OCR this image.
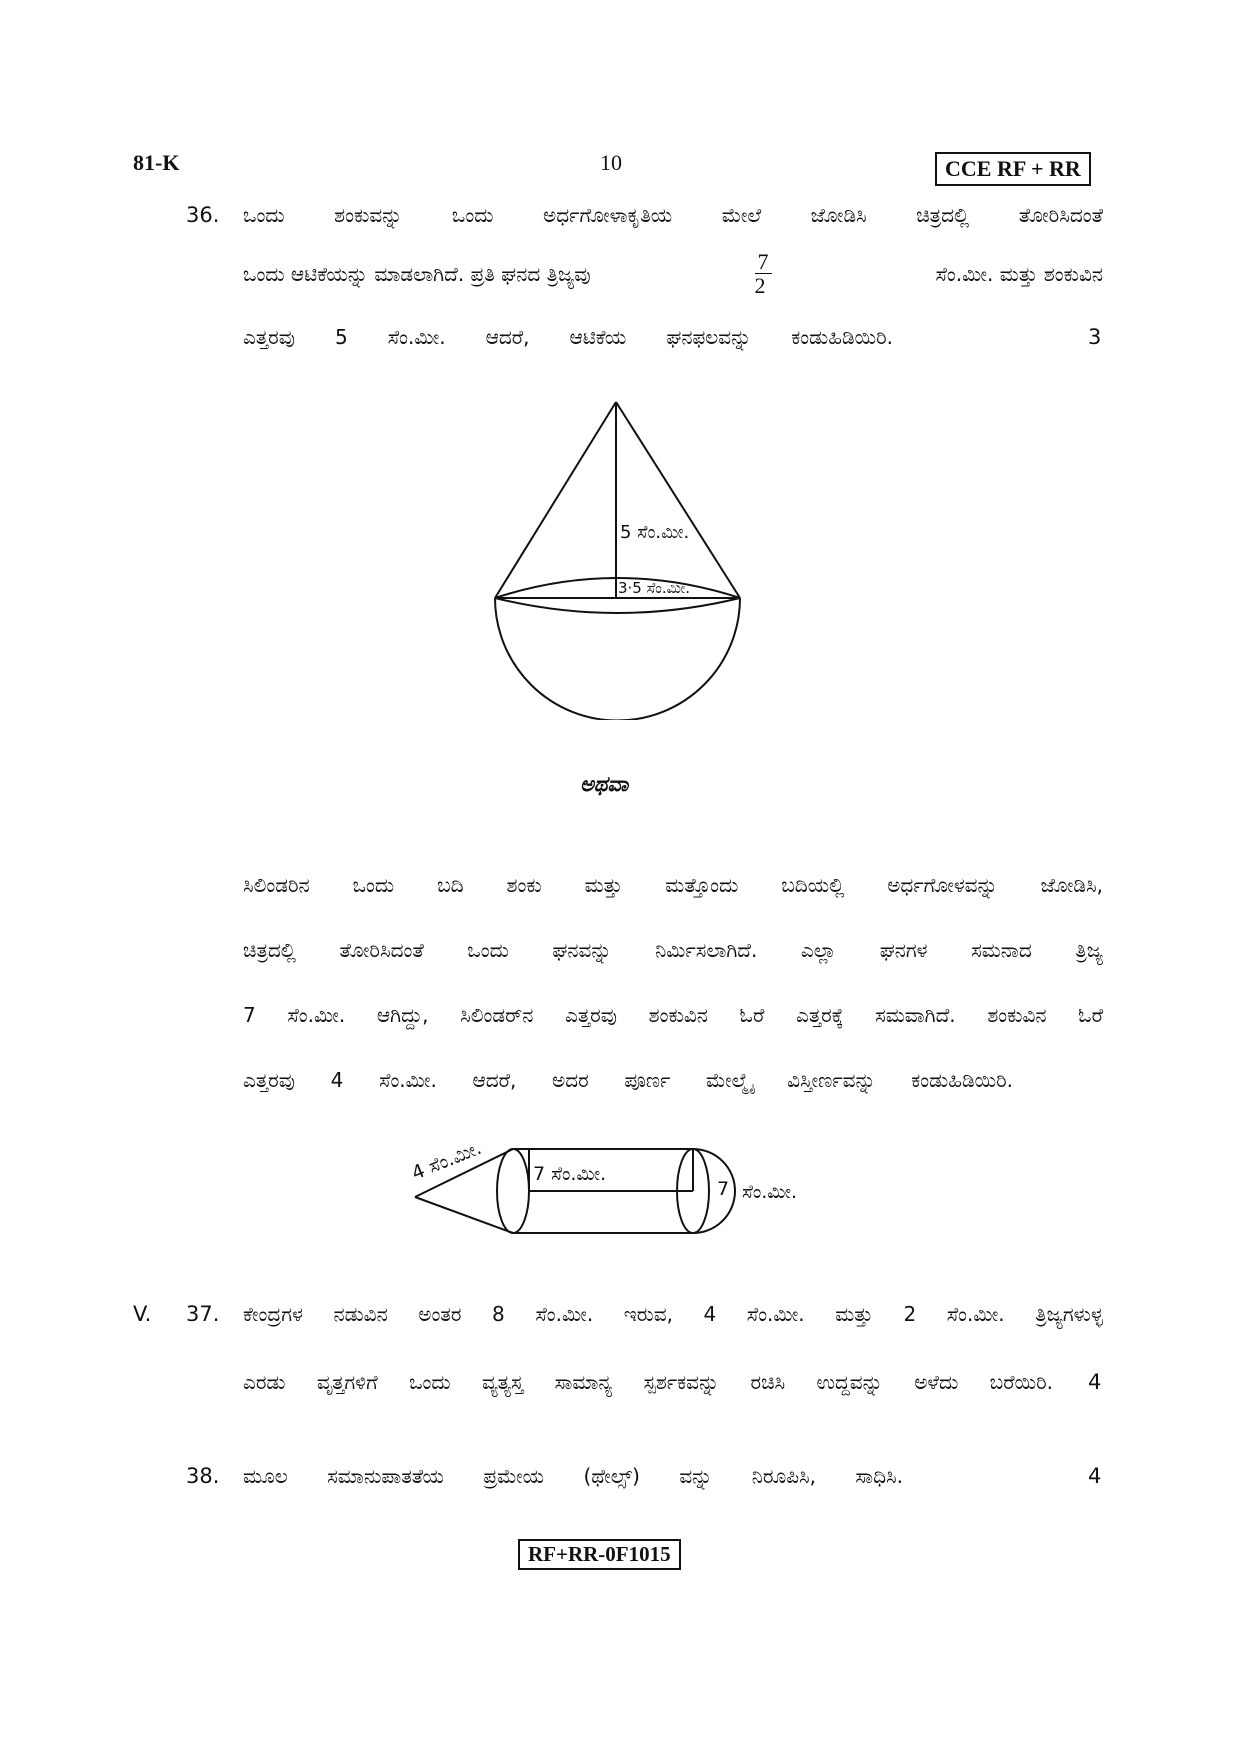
81-K	10	CCE RF + RR
36. ಒಂದು ಶಂಕುವನ್ನು ಒಂದು ಅರ್ಧಗೋಳಾಕೃತಿಯ ಮೇಲೆ ಜೋಡಿಸಿ ಚಿತ್ರದಲ್ಲಿ ತೋರಿಸಿದಂತೆ
ಒಂದು ಆಟಿಕೆಯನ್ನು ಮಾಡಲಾಗಿದೆ. ಪ್ರತಿ ಘನದ ತ್ರಿಜ್ಯವು	$\frac{7}{2}$	ಸೆಂ.ಮೀ. ಮತ್ತು ಶಂಕುವಿನ
ಎತ್ತರವು 5 ಸೆಂ.ಮೀ. ಆದರೆ, ಆಟಿಕೆಯ ಘನಫಲವನ್ನು ಕಂಡುಹಿಡಿಯಿರಿ.	3
5 ಸೆಂ.ಮೀ.
3·5 ಸೆಂ.ಮೀ.
ಅಥವಾ
ಸಿಲಿಂಡರಿನ ಒಂದು ಬದಿ ಶಂಕು ಮತ್ತು ಮತ್ತೊಂದು ಬದಿಯಲ್ಲಿ ಅರ್ಧಗೋಳವನ್ನು ಜೋಡಿಸಿ,
ಚಿತ್ರದಲ್ಲಿ ತೋರಿಸಿದಂತೆ ಒಂದು ಘನವನ್ನು ನಿರ್ಮಿಸಲಾಗಿದೆ. ಎಲ್ಲಾ ಘನಗಳ ಸಮನಾದ ತ್ರಿಜ್ಯ
7 ಸೆಂ.ಮೀ. ಆಗಿದ್ದು, ಸಿಲಿಂಡರ್‌ನ ಎತ್ತರವು ಶಂಕುವಿನ ಓರೆ ಎತ್ತರಕ್ಕೆ ಸಮವಾಗಿದೆ. ಶಂಕುವಿನ ಓರೆ
ಎತ್ತರವು 4 ಸೆಂ.ಮೀ. ಆದರೆ, ಅದರ ಪೂರ್ಣ ಮೇಲ್ಮೈ ವಿಸ್ತೀರ್ಣವನ್ನು ಕಂಡುಹಿಡಿಯಿರಿ.
4 ಸೆಂ.ಮೀ.	7 ಸೆಂ.ಮೀ.
7 ಸೆಂ.ಮೀ.
V. 37. ಕೇಂದ್ರಗಳ ನಡುವಿನ ಅಂತರ 8 ಸೆಂ.ಮೀ. ಇರುವ, 4 ಸೆಂ.ಮೀ. ಮತ್ತು 2 ಸೆಂ.ಮೀ. ತ್ರಿಜ್ಯಗಳುಳ್ಳ
ಎರಡು ವೃತ್ತಗಳಿಗೆ ಒಂದು ವ್ಯತ್ಯಸ್ತ ಸಾಮಾನ್ಯ ಸ್ಪರ್ಶಕವನ್ನು ರಚಿಸಿ ಉದ್ದವನ್ನು ಅಳೆದು ಬರೆಯಿರಿ. 4
38. ಮೂಲ ಸಮಾನುಪಾತತೆಯ ಪ್ರಮೇಯ (ಥೇಲ್ಸ್) ವನ್ನು ನಿರೂಪಿಸಿ, ಸಾಧಿಸಿ.	4
RF+RR-0F1015
